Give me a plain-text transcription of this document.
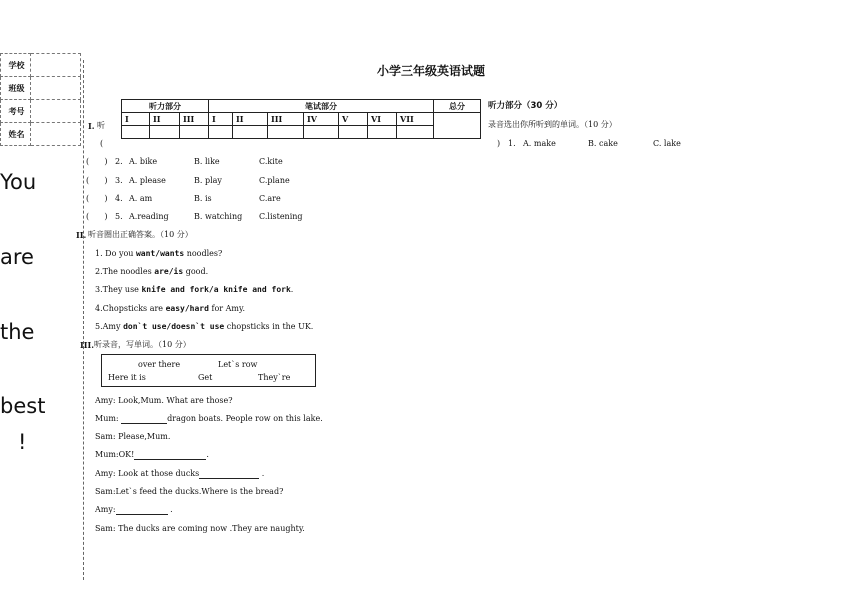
学校	
班级	
考号	
姓名	
You
are
the
best
!
小学三年级英语试题
听力部分			笔试部分							总分
I	II	III	I	II	III	IV	V	VI	VII	

听力部分（30 分）
录音选出你所听到的单词。（10 分）
I. 听
(	) 1. A. make	B. cake	C. lake
(      ) 2. A. bike	B. like	C.kite
(      ) 3. A. please	B. play	C.plane
(      ) 4. A. am	B. is	C.are
(      ) 5. A.reading	B. watching C.listening
II. 听音圈出正确答案。（10 分）
1. Do you want/wants noodles?
2.The noodles are/is good.
3.They use knife and fork/a knife and fork.
4.Chopsticks are easy/hard for Amy.
5.Amy don`t use/doesn`t use chopsticks in the UK.
III. 听录音，写单词。（10 分）
over there	Let`s row
Here it is	Get	They`re
Amy: Look,Mum. What are those?
Mum:	dragon boats. People row on this lake.
Sam: Please,Mum.
Mum:OK!	.
Amy: Look at those ducks	.
Sam:Let`s feed the ducks.Where is the bread?
Amy:	.
Sam: The ducks are coming now .They are naughty.
